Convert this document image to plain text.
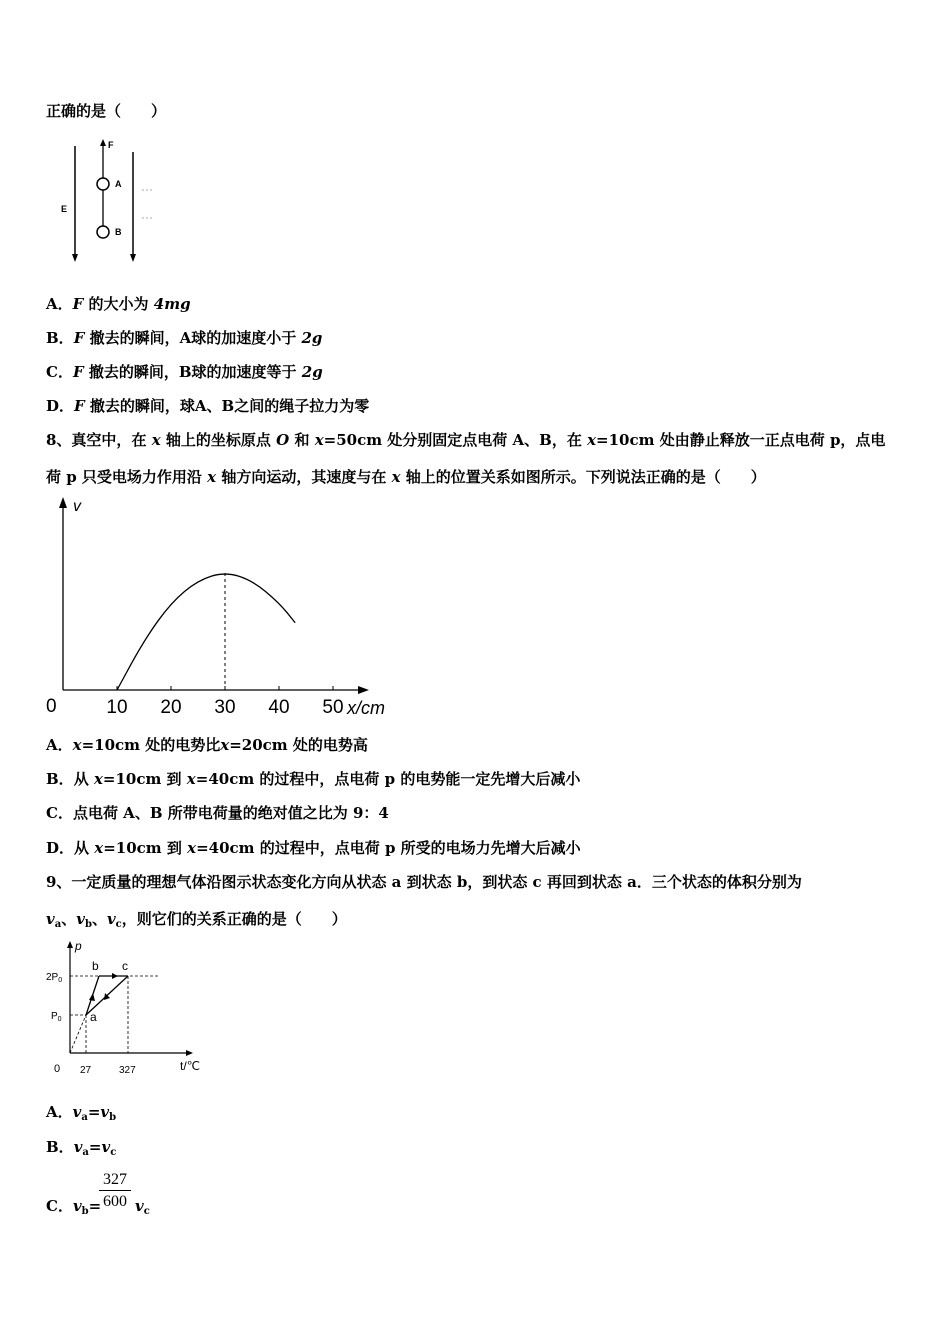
正确的是（　　）
F
A
B
E
A．F 的大小为 4mg
B．F 撤去的瞬间，A球的加速度小于 2g
C．F 撤去的瞬间，B球的加速度等于 2g
D．F 撤去的瞬间，球A、B之间的绳子拉力为零
8、真空中，在 x 轴上的坐标原点 O 和 x=50cm 处分别固定点电荷 A、B，在 x=10cm 处由静止释放一正点电荷 p，点电
荷 p 只受电场力作用沿 x 轴方向运动，其速度与在 x 轴上的位置关系如图所示。下列说法正确的是（　　）
v
0	x/cm
10 20 30 40 50
A．x=10cm 处的电势比x=20cm 处的电势高
B．从 x=10cm 到 x=40cm 的过程中，点电荷 p 的电势能一定先增大后减小
C．点电荷 A、B 所带电荷量的绝对值之比为 9：4
D．从 x=10cm 到 x=40cm 的过程中，点电荷 p 所受的电场力先增大后减小
9、一定质量的理想气体沿图示状态变化方向从状态 a 到状态 b，到状态 c 再回到状态 a．三个状态的体积分别为
$v_a$、$v_b$、$v_c$，则它们的关系正确的是（　　）
p
t/℃
0
$2P_0$
$P_0$
27	327
b c
a
A．$v_a=v_b$
B．$v_a=v_c$
C．$v_b=$
$\frac{327}{600} v_c$
